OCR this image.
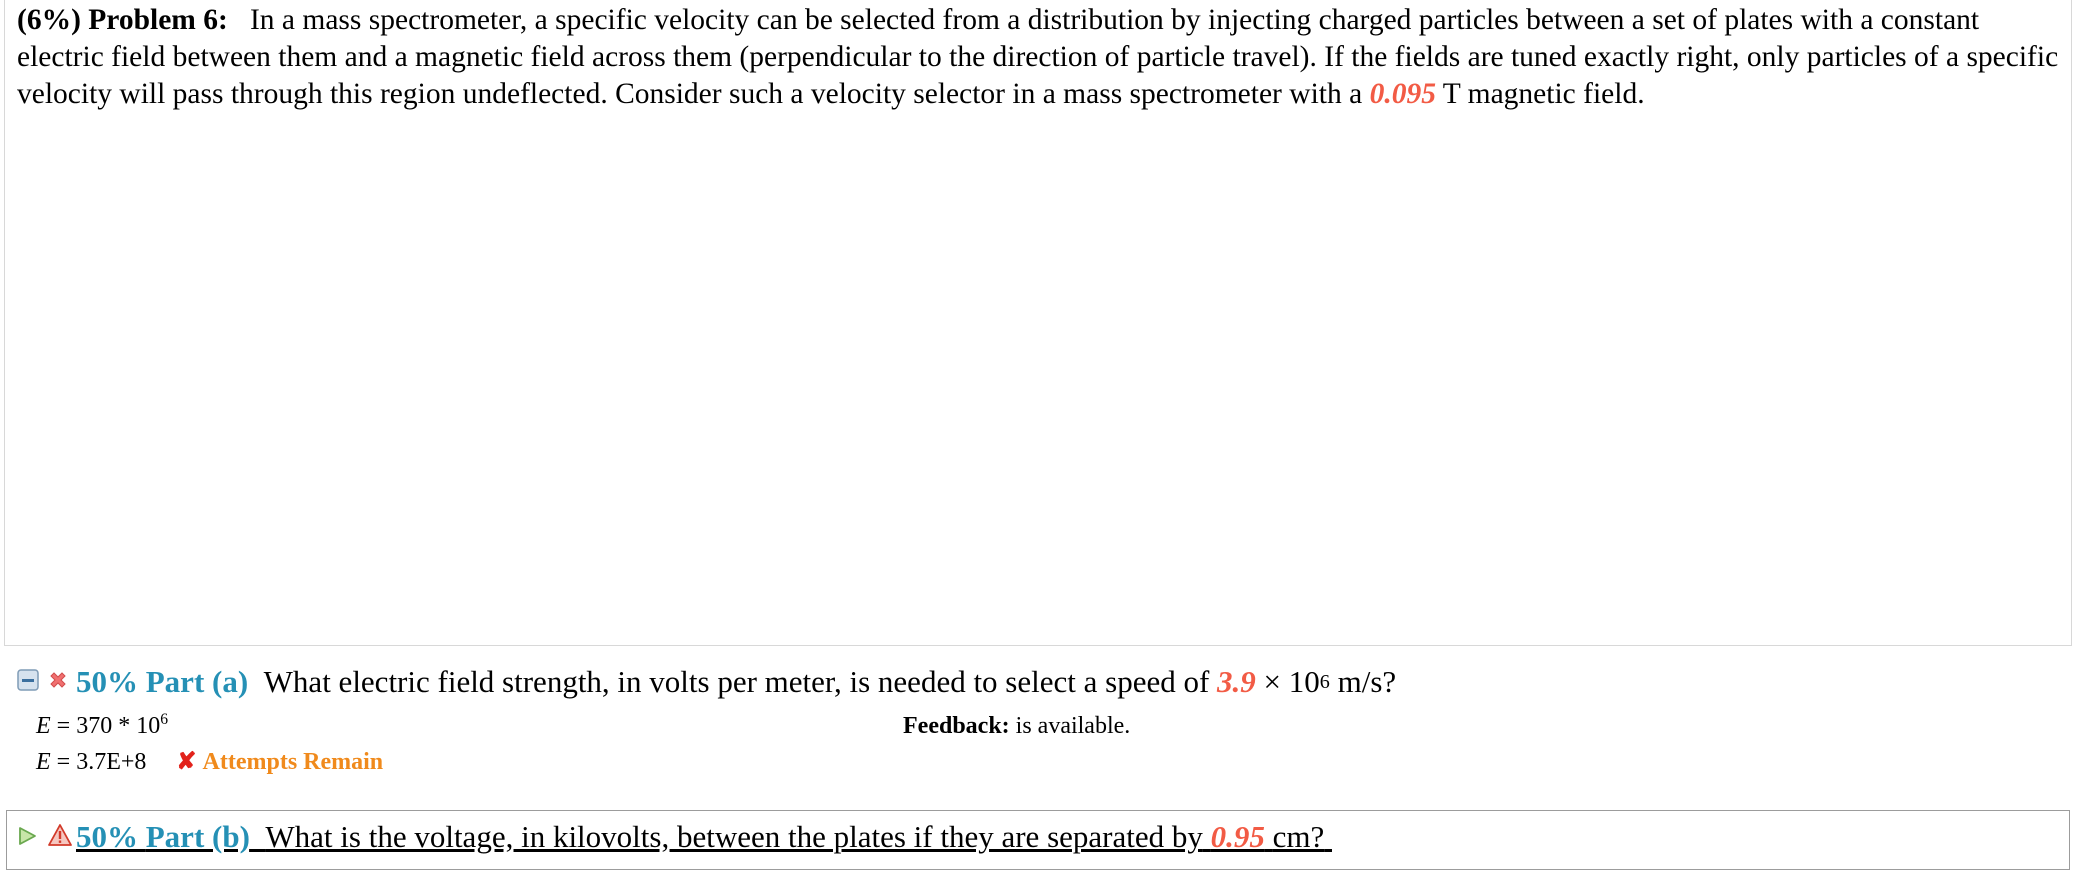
(6%) Problem 6: In a mass spectrometer, a specific velocity can be selected from a distribution by injecting charged particles between a set of plates with a constant electric field between them and a magnetic field across them (perpendicular to the direction of particle travel). If the fields are tuned exactly right, only particles of a specific velocity will pass through this region undeflected. Consider such a velocity selector in a mass spectrometer with a 0.095 T magnetic field.

50%
Part (a)
What electric field strength, in volts per meter, is needed to select a speed of
3.9
× 10 6
m/s?
$E = 370 * 10^6$
E = 3.7E+8 ✘ Attempts Remain
Feedback: is available.
50% Part (b) What is the voltage, in kilovolts, between the plates if they are separated by 0.95 cm?
